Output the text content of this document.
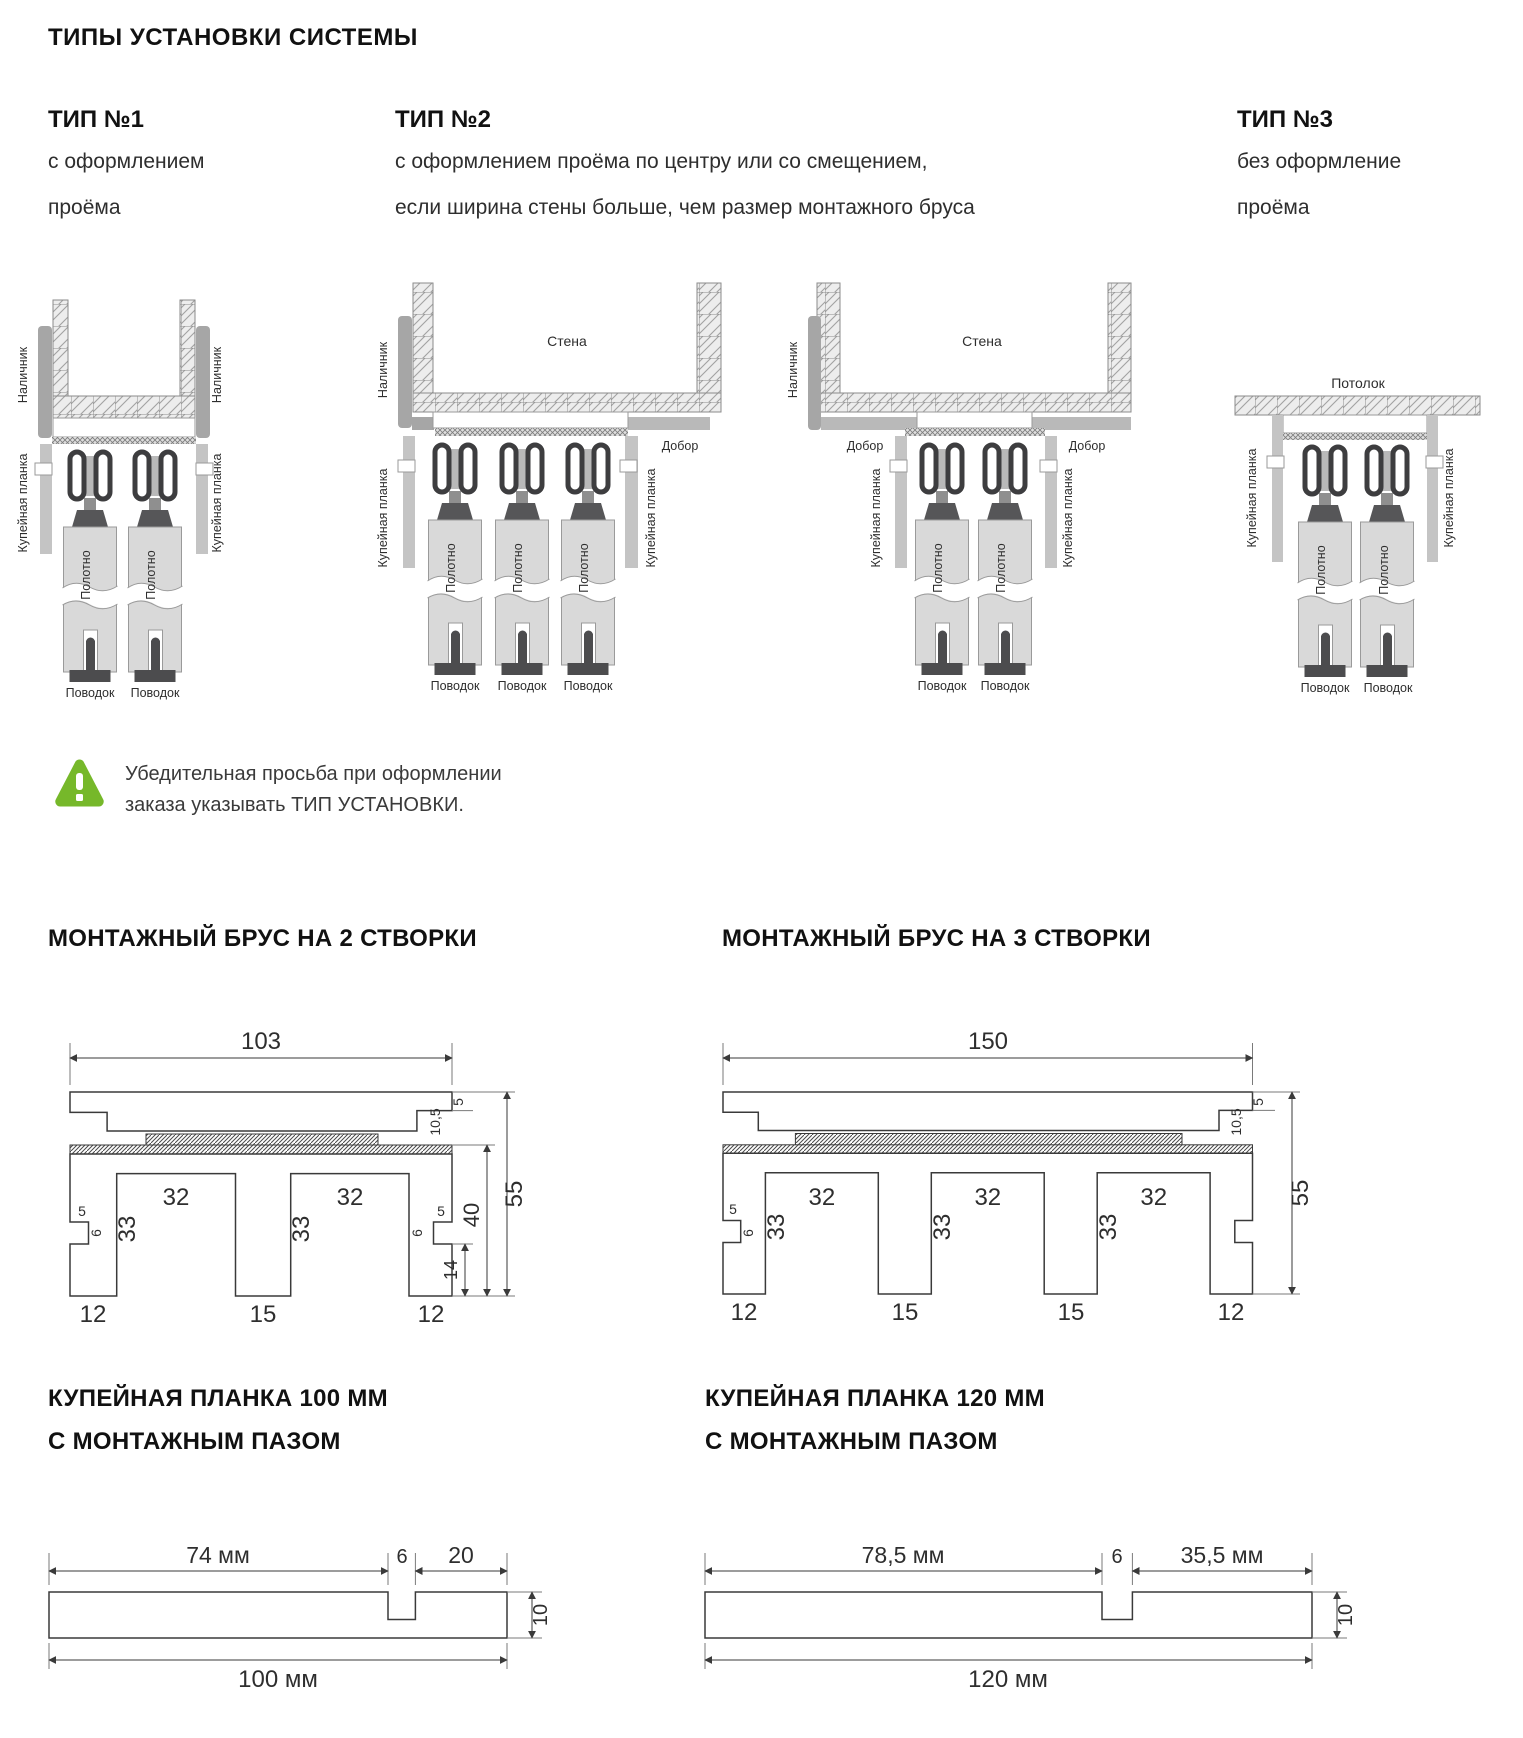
ТИПЫ УСТАНОВКИ СИСТЕМЫ
ТИП №1
с оформлением
проёма
ТИП №2
с оформлением проёма по центру или со смещением,
если ширина стены больше, чем размер монтажного бруса
ТИП №3
без оформление
проёма
Наличник	Наличник
Купейная планка	Купейная планка
Полотно	Полотно
Поводок Поводок
Стена
Наличник
Добор
Купейная планка	Купейная планка
Полотно	Полотно	Полотно
Поводок Поводок Поводок
Стена
Наличник
Добор	Добор
Купейная планка	Купейная планка
Полотно	Полотно
Поводок Поводок
Потолок
Купейная планка	Купейная планка
Полотно	Полотно
Поводок Поводок
Убедительная просьба при оформлении
заказа указывать ТИП УСТАНОВКИ.
МОНТАЖНЫЙ БРУС НА 2 СТВОРКИ	МОНТАЖНЫЙ БРУС НА 3 СТВОРКИ
103
32	32
33	33
5
6
5
6
12	15	12
5
10,5
14
40
55
150
32	32	32
33	33	33
5
6
12	15	15	12
5
10,5
55
КУПЕЙНАЯ ПЛАНКА 100 ММ
С МОНТАЖНЫМ ПАЗОМ
КУПЕЙНАЯ ПЛАНКА 120 ММ
С МОНТАЖНЫМ ПАЗОМ
74 мм	6 20
10
100 мм
78,5 мм	6	35,5 мм
10
120 мм
